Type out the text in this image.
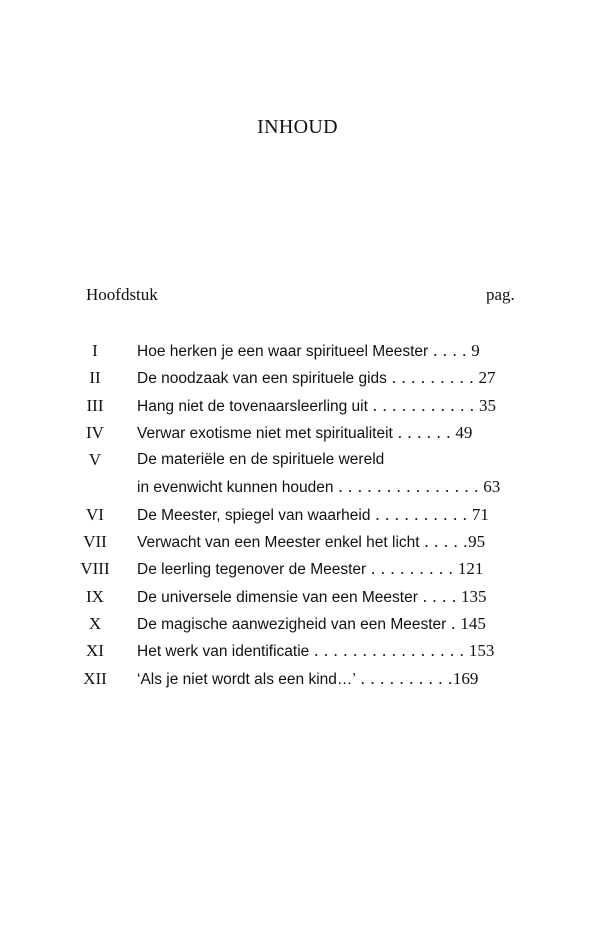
INHOUD
Hoofdstuk	pag.
I	Hoe herken je een waar spiritueel Meester . . . . 9
II	De noodzaak van een spirituele gids . . . . . . . . . 27
III	Hang niet de tovenaarsleerling uit . . . . . . . . . . . 35
IV	Verwar exotisme niet met spiritualiteit . . . . . . 49
V	De materiële en de spirituele wereld
in evenwicht kunnen houden . . . . . . . . . . . . . . . 63
VI	De Meester, spiegel van waarheid . . . . . . . . . . 71
VII Verwacht van een Meester enkel het licht . . . . .95
VIII De leerling tegenover de Meester . . . . . . . . . 121
IX	De universele dimensie van een Meester . . . . 135
X	De magische aanwezigheid van een Meester . 145
XI	Het werk van identificatie . . . . . . . . . . . . . . . . 153
XII ‘Als je niet wordt als een kind…’ . . . . . . . . . .169
